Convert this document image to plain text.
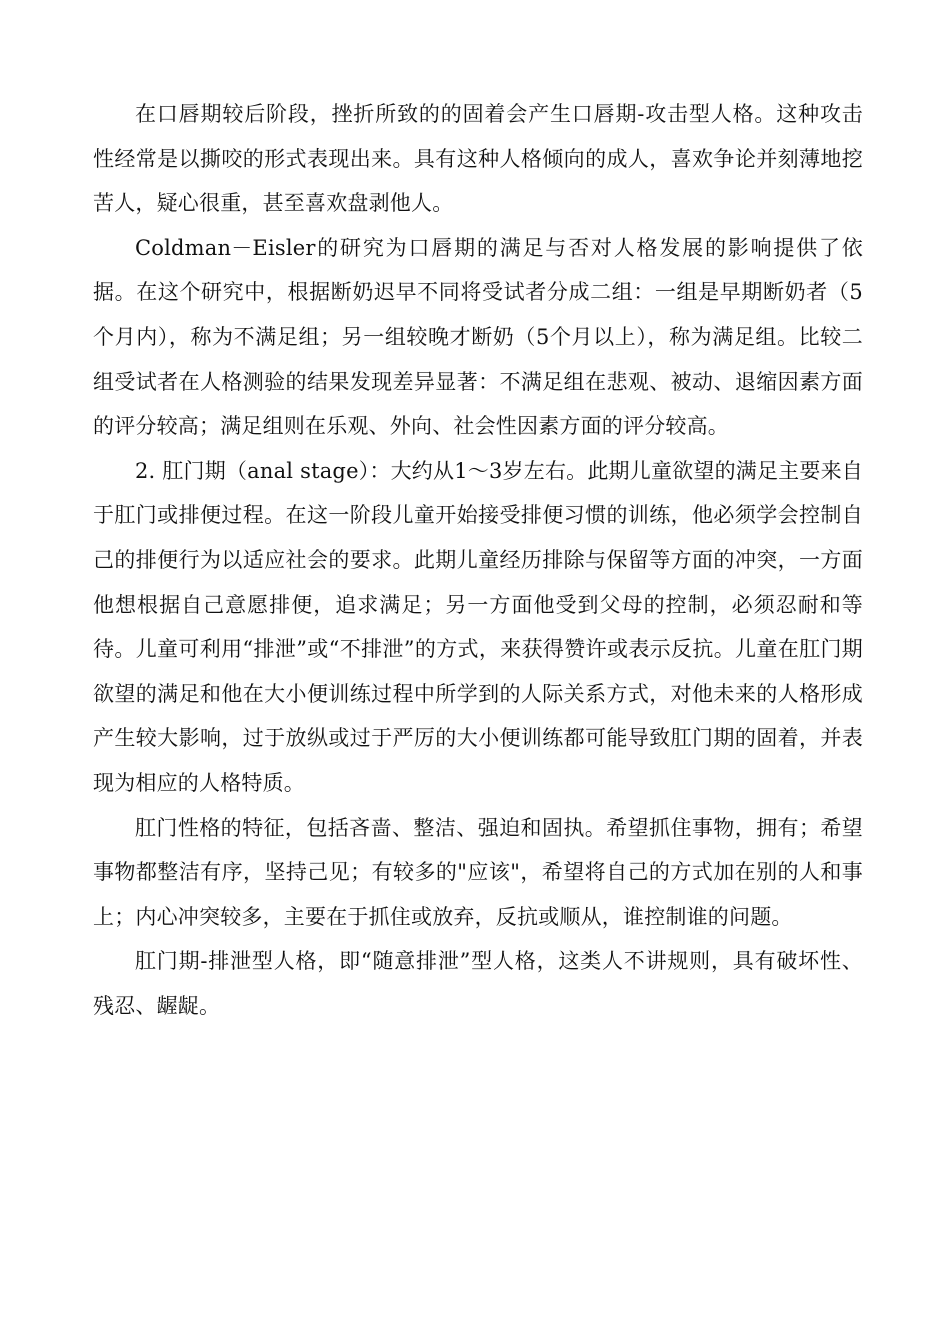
在口唇期较后阶段，挫折所致的的固着会产生口唇期-攻击型人格。这种攻击性经常是以撕咬的形式表现出来。具有这种人格倾向的成人，喜欢争论并刻薄地挖苦人，疑心很重，甚至喜欢盘剥他人。

Coldman－Eisler的研究为口唇期的满足与否对人格发展的影响提供了依据。在这个研究中，根据断奶迟早不同将受试者分成二组：一组是早期断奶者（5个月内），称为不满足组；另一组较晚才断奶（5个月以上），称为满足组。比较二组受试者在人格测验的结果发现差异显著：不满足组在悲观、被动、退缩因素方面的评分较高；满足组则在乐观、外向、社会性因素方面的评分较高。

2. 肛门期（anal stage）：大约从1～3岁左右。此期儿童欲望的满足主要来自于肛门或排便过程。在这一阶段儿童开始接受排便习惯的训练，他必须学会控制自己的排便行为以适应社会的要求。此期儿童经历排除与保留等方面的冲突，一方面他想根据自己意愿排便，追求满足；另一方面他受到父母的控制，必须忍耐和等待。儿童可利用“排泄”或“不排泄”的方式，来获得赞许或表示反抗。儿童在肛门期欲望的满足和他在大小便训练过程中所学到的人际关系方式，对他未来的人格形成产生较大影响，过于放纵或过于严厉的大小便训练都可能导致肛门期的固着，并表现为相应的人格特质。

肛门性格的特征，包括吝啬、整洁、强迫和固执。希望抓住事物，拥有；希望事物都整洁有序，坚持己见；有较多的"应该"，希望将自己的方式加在别的人和事上；内心冲突较多，主要在于抓住或放弃，反抗或顺从，谁控制谁的问题。

肛门期-排泄型人格，即“随意排泄”型人格，这类人不讲规则，具有破坏性、残忍、龌龊。
